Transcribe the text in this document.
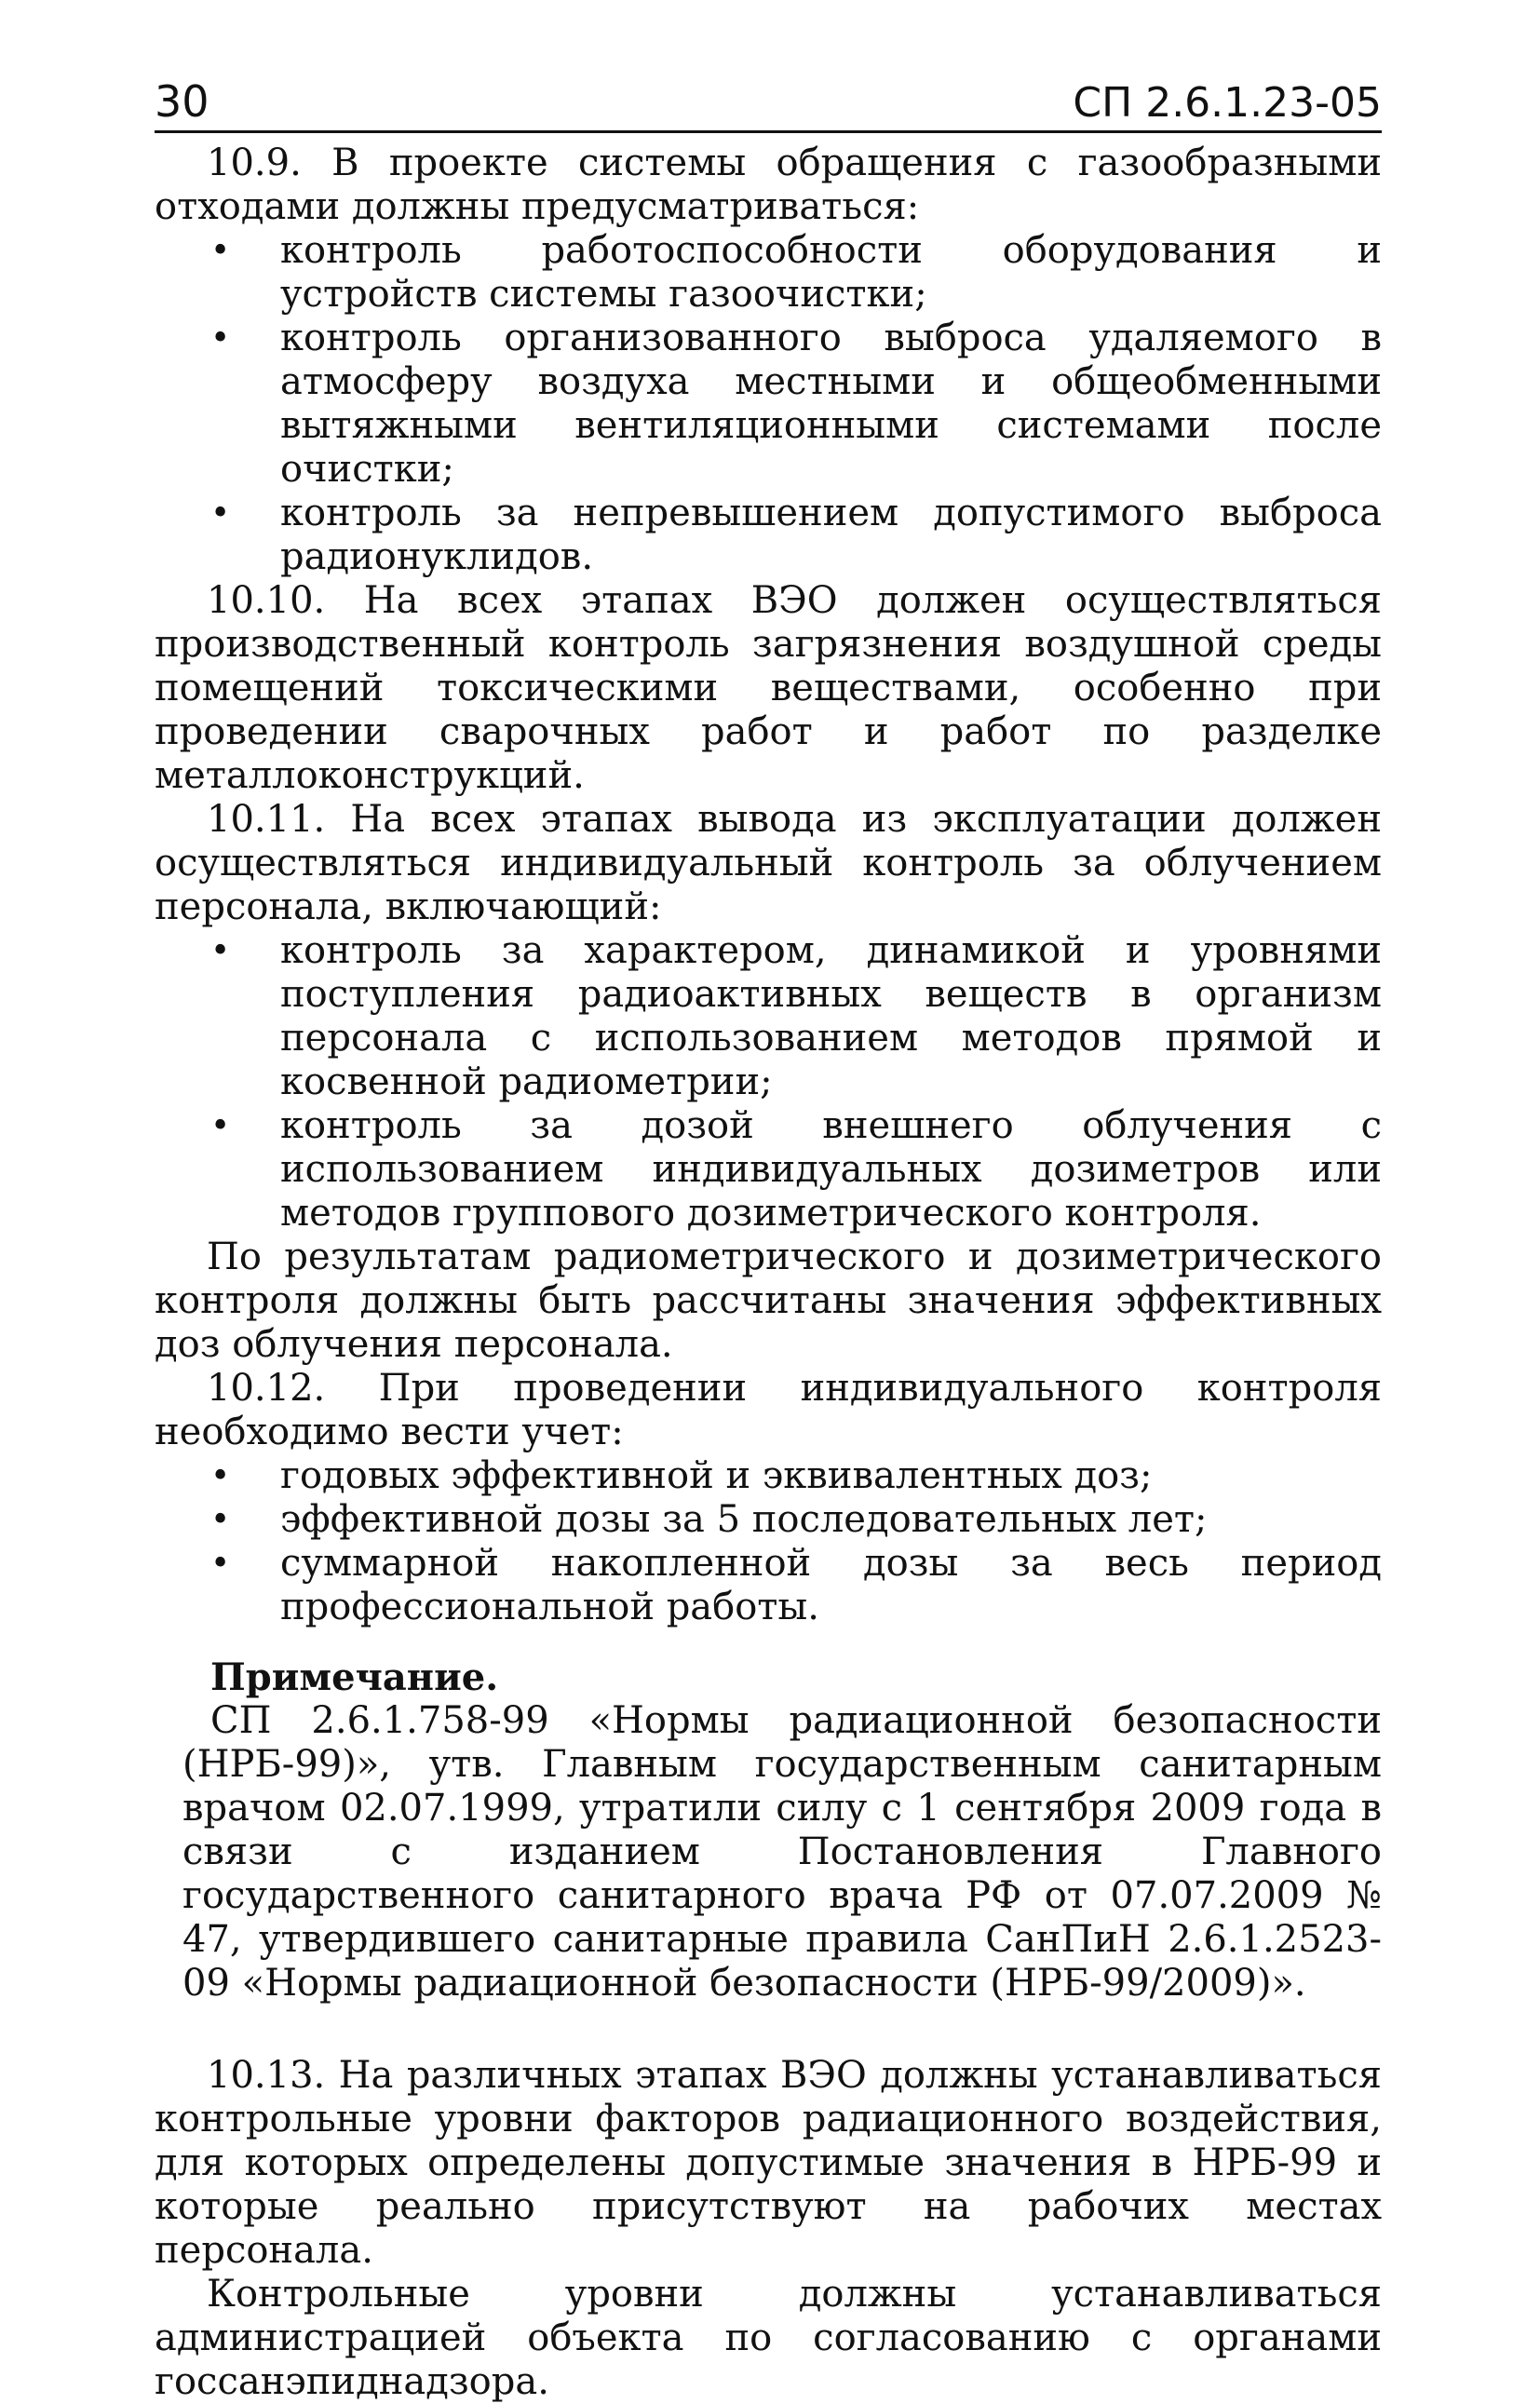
30	СП 2.6.1.23-05

10.9. В проекте системы обращения с газообразными отходами должны предусматриваться:

• контроль работоспособности оборудования и устройств системы газоочистки;
• контроль организованного выброса удаляемого в атмосферу воздуха местными и общеобменными вытяжными вентиляционными системами после очистки;
• контроль за непревышением допустимого выброса радионуклидов.

10.10. На всех этапах ВЭО должен осуществляться производственный контроль загрязнения воздушной среды помещений токсическими веществами, особенно при проведении сварочных работ и работ по разделке металлоконструкций.

10.11. На всех этапах вывода из эксплуатации должен осуществляться индивидуальный контроль за облучением персонала, включающий:

• контроль за характером, динамикой и уровнями поступления радиоактивных веществ в организм персонала с использованием методов прямой и косвенной радиометрии;
• контроль за дозой внешнего облучения с использованием индивидуальных дозиметров или методов группового дозиметрического контроля.

По результатам радиометрического и дозиметрического контроля должны быть рассчитаны значения эффективных доз облучения персонала.

10.12. При проведении индивидуального контроля необходимо вести учет:

• годовых эффективной и эквивалентных доз;
• эффективной дозы за 5 последовательных лет;
• суммарной накопленной дозы за весь период профессиональной работы.

Примечание.

СП 2.6.1.758-99 «Нормы радиационной безопасности (НРБ-99)», утв. Главным государственным санитарным врачом 02.07.1999, утратили силу с 1 сентября 2009 года в связи с изданием Постановления Главного государственного санитарного врача РФ от 07.07.2009 № 47, утвердившего санитарные правила СанПиН 2.6.1.2523-09 «Нормы радиационной безопасности (НРБ-99/2009)».

10.13. На различных этапах ВЭО должны устанавливаться контрольные уровни факторов радиационного воздействия, для которых определены допустимые значения в НРБ-99 и которые реально присутствуют на рабочих местах персонала.

Контрольные уровни должны устанавливаться администрацией объекта по согласованию с органами госсанэпиднадзора.
